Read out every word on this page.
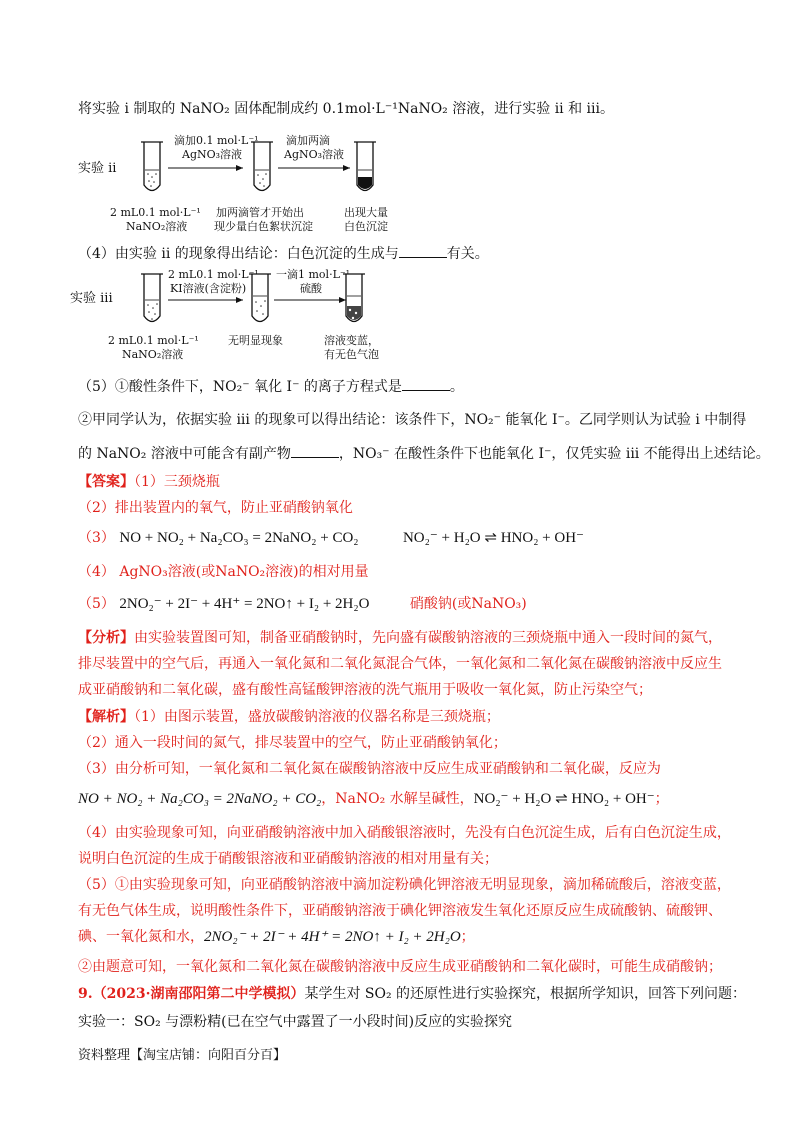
将实验 i 制取的 NaNO₂ 固体配制成约 0.1mol·L⁻¹NaNO₂ 溶液，进行实验 ii 和 iii。
实验 ii
滴加0.1 mol·L⁻¹
AgNO₃溶液
滴加两滴
AgNO₃溶液
2 mL0.1 mol·L⁻¹
NaNO₂溶液
加两滴管才开始出
现少量白色絮状沉淀
出现大量
白色沉淀
（4）由实验 ii 的现象得出结论：白色沉淀的生成与	有关。
实验 iii
2 mL0.1 mol·L⁻¹
KI溶液(含淀粉)
一滴1 mol·L⁻¹
硫酸
2 mL0.1 mol·L⁻¹
NaNO₂溶液
无明显现象	溶液变蓝，
有无色气泡
（5）①酸性条件下，NO₂⁻ 氧化 I⁻ 的离子方程式是	。
②甲同学认为，依据实验 iii 的现象可以得出结论：该条件下，NO₂⁻ 能氧化 I⁻。乙同学则认为试验 i 中制得
的 NaNO₂ 溶液中可能含有副产物	，NO₃⁻ 在酸性条件下也能氧化 I⁻，仅凭实验 iii 不能得出上述结论。
【答案】（1）三颈烧瓶
（2）排出装置内的氧气，防止亚硝酸钠氧化
（3） NO + NO₂ + Na₂CO₃ = 2NaNO₂ + CO₂	NO₂⁻ + H₂O ⇌ HNO₂ + OH⁻
（4） AgNO₃溶液(或NaNO₂溶液)的相对用量
（5） 2NO₂⁻ + 2I⁻ + 4H⁺ = 2NO↑ + I₂ + 2H₂O	硝酸钠(或NaNO₃)
【分析】由实验装置图可知，制备亚硝酸钠时，先向盛有碳酸钠溶液的三颈烧瓶中通入一段时间的氮气，
排尽装置中的空气后，再通入一氧化氮和二氧化氮混合气体，一氧化氮和二氧化氮在碳酸钠溶液中反应生
成亚硝酸钠和二氧化碳，盛有酸性高锰酸钾溶液的洗气瓶用于吸收一氧化氮，防止污染空气；
【解析】（1）由图示装置，盛放碳酸钠溶液的仪器名称是三颈烧瓶；
（2）通入一段时间的氮气，排尽装置中的空气，防止亚硝酸钠氧化；
（3）由分析可知，一氧化氮和二氧化氮在碳酸钠溶液中反应生成亚硝酸钠和二氧化碳，反应为
NO + NO₂ + Na₂CO₃ = 2NaNO₂ + CO₂，NaNO₂ 水解呈碱性，NO₂⁻ + H₂O ⇌ HNO₂ + OH⁻；
（4）由实验现象可知，向亚硝酸钠溶液中加入硝酸银溶液时，先没有白色沉淀生成，后有白色沉淀生成，
说明白色沉淀的生成于硝酸银溶液和亚硝酸钠溶液的相对用量有关；
（5）①由实验现象可知，向亚硝酸钠溶液中滴加淀粉碘化钾溶液无明显现象，滴加稀硫酸后，溶液变蓝，
有无色气体生成，说明酸性条件下，亚硝酸钠溶液于碘化钾溶液发生氧化还原反应生成硫酸钠、硫酸钾、
碘、一氧化氮和水，2NO₂⁻ + 2I⁻ + 4H⁺ = 2NO↑ + I₂ + 2H₂O；
②由题意可知，一氧化氮和二氧化氮在碳酸钠溶液中反应生成亚硝酸钠和二氧化碳时，可能生成硝酸钠；
9.（2023·湖南邵阳第二中学模拟）某学生对 SO₂ 的还原性进行实验探究，根据所学知识，回答下列问题：
实验一：SO₂ 与漂粉精(已在空气中露置了一小段时间)反应的实验探究
资料整理【淘宝店铺：向阳百分百】
